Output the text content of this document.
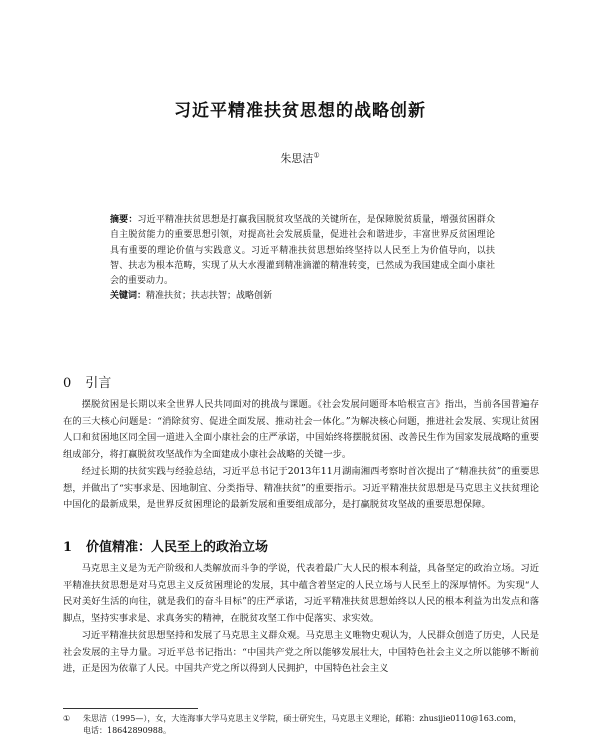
习近平精准扶贫思想的战略创新
朱思洁①
摘要：习近平精准扶贫思想是打赢我国脱贫攻坚战的关键所在，是保障脱贫质量，增强贫困群众自主脱贫能力的重要思想引领，对提高社会发展质量，促进社会和谐进步，丰富世界反贫困理论具有重要的理论价值与实践意义。习近平精准扶贫思想始终坚持以人民至上为价值导向，以扶智、扶志为根本范畴，实现了从大水漫灌到精准滴灌的精准转变，已然成为我国建成全面小康社会的重要动力。
关键词：精准扶贫；扶志扶智；战略创新
0 引言

摆脱贫困是长期以来全世界人民共同面对的挑战与课题。《社会发展问题哥本哈根宣言》指出，当前各国普遍存在的三大核心问题是：“消除贫穷、促进全面发展、推动社会一体化。”为解决核心问题，推进社会发展、实现让贫困人口和贫困地区同全国一道进入全面小康社会的庄严承诺，中国始终将摆脱贫困、改善民生作为国家发展战略的重要组成部分，将打赢脱贫攻坚战作为全面建成小康社会战略的关键一步。

经过长期的扶贫实践与经验总结，习近平总书记于2013年11月湖南湘西考察时首次提出了“精准扶贫”的重要思想，并做出了“实事求是、因地制宜、分类指导、精准扶贫”的重要指示。习近平精准扶贫思想是马克思主义扶贫理论中国化的最新成果，是世界反贫困理论的最新发展和重要组成部分，是打赢脱贫攻坚战的重要思想保障。

1 价值精准：人民至上的政治立场

马克思主义是为无产阶级和人类解放而斗争的学说，代表着最广大人民的根本利益，具备坚定的政治立场。习近平精准扶贫思想是对马克思主义反贫困理论的发展，其中蕴含着坚定的人民立场与人民至上的深厚情怀。为实现“人民对美好生活的向往，就是我们的奋斗目标”的庄严承诺，习近平精准扶贫思想始终以人民的根本利益为出发点和落脚点，坚持实事求是、求真务实的精神，在脱贫攻坚工作中促落实、求实效。

习近平精准扶贫思想坚持和发展了马克思主义群众观。马克思主义唯物史观认为，人民群众创造了历史，人民是社会发展的主导力量。习近平总书记指出：“中国共产党之所以能够发展壮大，中国特色社会主义之所以能够不断前进，正是因为依靠了人民。中国共产党之所以得到人民拥护，中国特色社会主义

① 朱思洁（1995—），女，大连海事大学马克思主义学院，硕士研究生，马克思主义理论，邮箱：zhusijie0110@163.com，
电话：18642890988。
